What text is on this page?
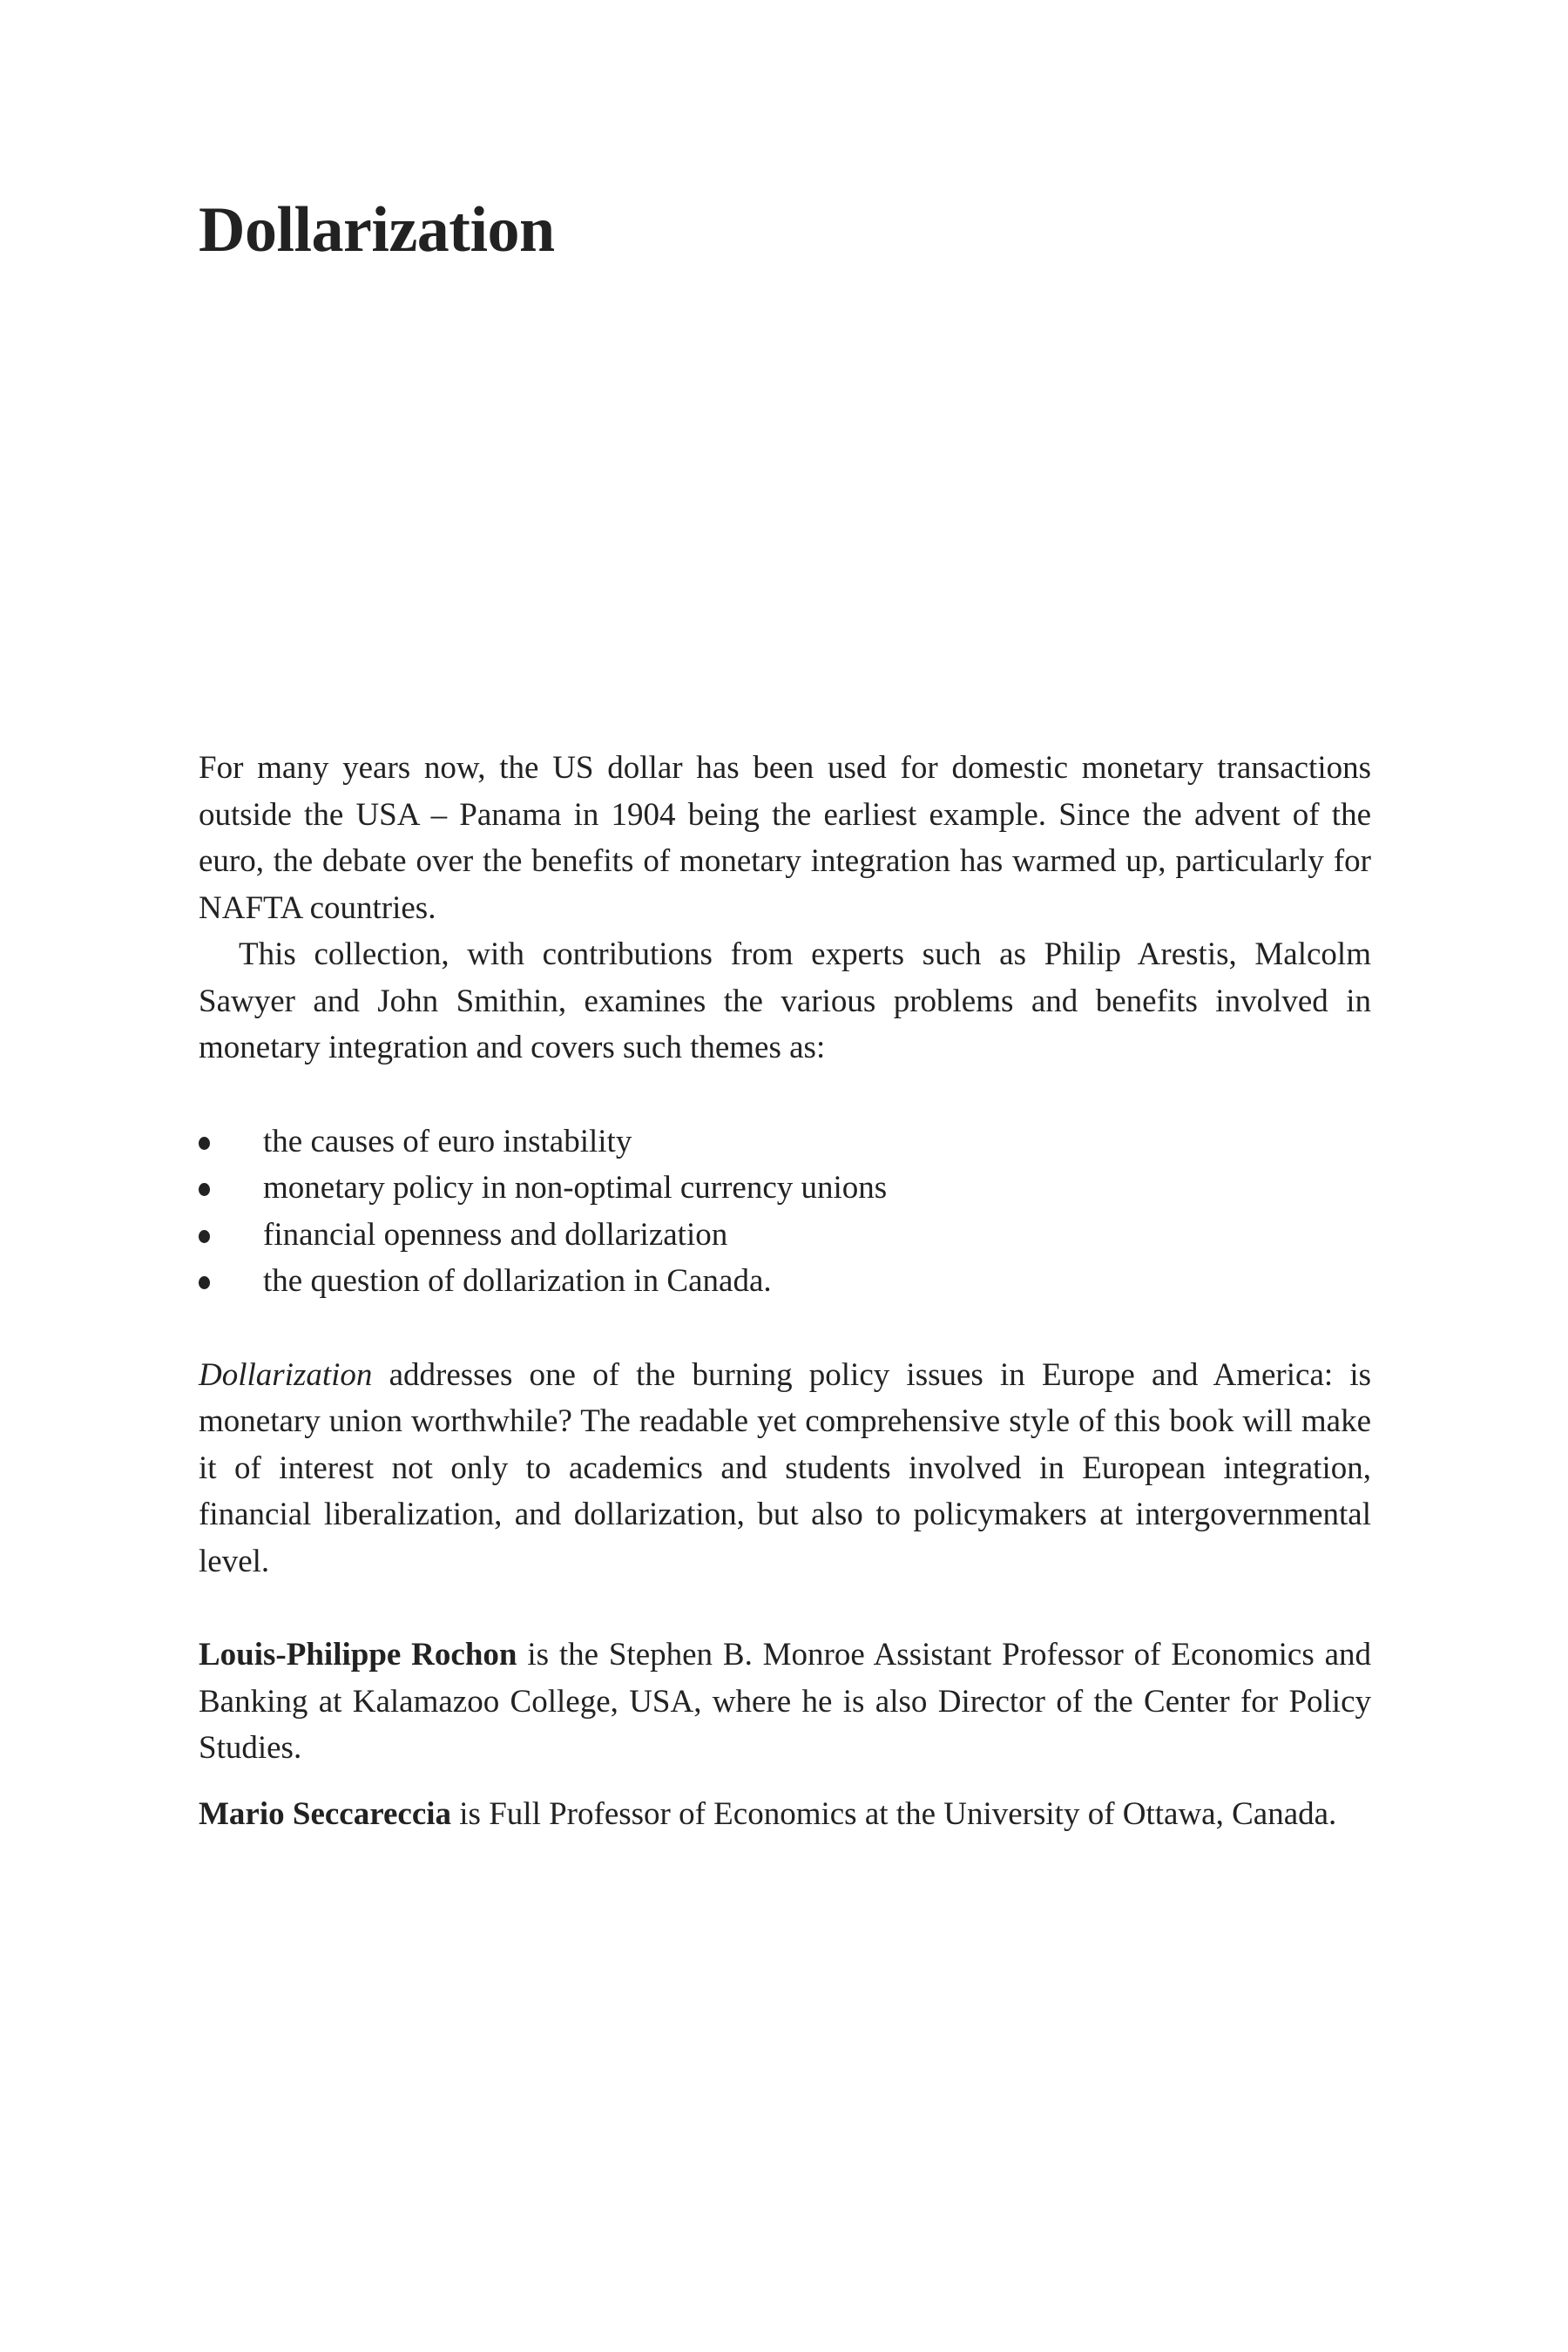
Dollarization

For many years now, the US dollar has been used for domestic monetary transactions outside the USA – Panama in 1904 being the earliest example. Since the advent of the euro, the debate over the benefits of monetary integration has warmed up, particularly for NAFTA countries.

This collection, with contributions from experts such as Philip Arestis, Malcolm Sawyer and John Smithin, examines the various problems and benefits involved in monetary integration and covers such themes as:

the causes of euro instability
monetary policy in non-optimal currency unions
financial openness and dollarization
the question of dollarization in Canada.

Dollarization addresses one of the burning policy issues in Europe and America: is monetary union worthwhile? The readable yet comprehensive style of this book will make it of interest not only to academics and students involved in European integration, financial liberalization, and dollarization, but also to policymakers at intergovernmental level.

Louis-Philippe Rochon is the Stephen B. Monroe Assistant Professor of Economics and Banking at Kalamazoo College, USA, where he is also Director of the Center for Policy Studies.

Mario Seccareccia is Full Professor of Economics at the University of Ottawa, Canada.
